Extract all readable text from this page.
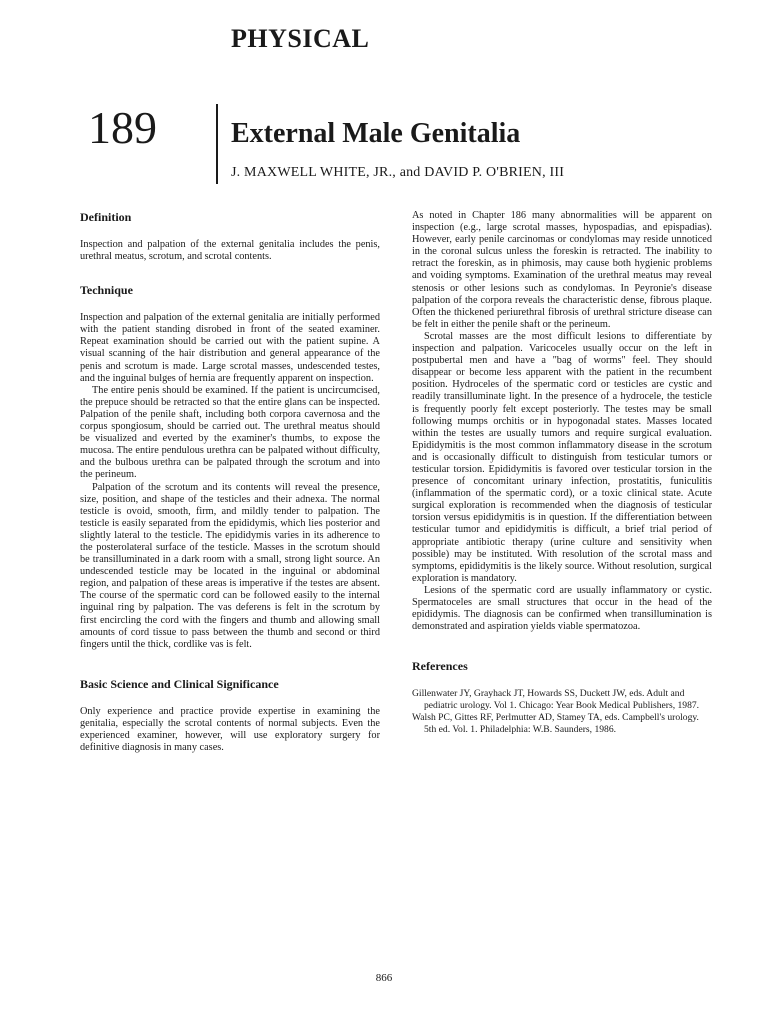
PHYSICAL
189	External Male Genitalia
J. MAXWELL WHITE, JR., and DAVID P. O'BRIEN, III
Definition

Inspection and palpation of the external genitalia includes the penis, urethral meatus, scrotum, and scrotal contents.

Technique

Inspection and palpation of the external genitalia are initially performed with the patient standing disrobed in front of the seated examiner. Repeat examination should be carried out with the patient supine. A visual scanning of the hair distribution and general appearance of the penis and scrotum is made. Large scrotal masses, undescended testes, and the inguinal bulges of hernia are frequently apparent on inspection.

The entire penis should be examined. If the patient is uncircumcised, the prepuce should be retracted so that the entire glans can be inspected. Palpation of the penile shaft, including both corpora cavernosa and the corpus spongiosum, should be carried out. The urethral meatus should be visualized and everted by the examiner's thumbs, to expose the mucosa. The entire pendulous urethra can be palpated without difficulty, and the bulbous urethra can be palpated through the scrotum and into the perineum.

Palpation of the scrotum and its contents will reveal the presence, size, position, and shape of the testicles and their adnexa. The normal testicle is ovoid, smooth, firm, and mildly tender to palpation. The testicle is easily separated from the epididymis, which lies posterior and slightly lateral to the testicle. The epididymis varies in its adherence to the posterolateral surface of the testicle. Masses in the scrotum should be transilluminated in a dark room with a small, strong light source. An undescended testicle may be located in the inguinal or abdominal region, and palpation of these areas is imperative if the testes are absent. The course of the spermatic cord can be followed easily to the internal inguinal ring by palpation. The vas deferens is felt in the scrotum by first encircling the cord with the fingers and thumb and allowing small amounts of cord tissue to pass between the thumb and second or third fingers until the thick, cordlike vas is felt.

Basic Science and Clinical Significance

Only experience and practice provide expertise in examining the genitalia, especially the scrotal contents of normal subjects. Even the experienced examiner, however, will use exploratory surgery for definitive diagnosis in many cases.

As noted in Chapter 186 many abnormalities will be apparent on inspection (e.g., large scrotal masses, hypospadias, and epispadias). However, early penile carcinomas or condylomas may reside unnoticed in the coronal sulcus unless the foreskin is retracted. The inability to retract the foreskin, as in phimosis, may cause both hygienic problems and voiding symptoms. Examination of the urethral meatus may reveal stenosis or other lesions such as condylomas. In Peyronie's disease palpation of the corpora reveals the characteristic dense, fibrous plaque. Often the thickened periurethral fibrosis of urethral stricture disease can be felt in either the penile shaft or the perineum.

Scrotal masses are the most difficult lesions to differentiate by inspection and palpation. Varicoceles usually occur on the left in postpubertal men and have a "bag of worms" feel. They should disappear or become less apparent with the patient in the recumbent position. Hydroceles of the spermatic cord or testicles are cystic and readily transilluminate light. In the presence of a hydrocele, the testicle is frequently poorly felt except posteriorly. The testes may be small following mumps orchitis or in hypogonadal states. Masses located within the testes are usually tumors and require surgical evaluation. Epididymitis is the most common inflammatory disease in the scrotum and is occasionally difficult to distinguish from testicular tumors or testicular torsion. Epididymitis is favored over testicular torsion in the presence of concomitant urinary infection, prostatitis, funiculitis (inflammation of the spermatic cord), or a toxic clinical state. Acute surgical exploration is recommended when the diagnosis of testicular torsion versus epididymitis is in question. If the differentiation between testicular tumor and epididymitis is difficult, a brief trial period of appropriate antibiotic therapy (urine culture and sensitivity when possible) may be instituted. With resolution of the scrotal mass and symptoms, epididymitis is the likely source. Without resolution, surgical exploration is mandatory.

Lesions of the spermatic cord are usually inflammatory or cystic. Spermatoceles are small structures that occur in the head of the epididymis. The diagnosis can be confirmed when transillumination is demonstrated and aspiration yields viable spermatozoa.

References
Gillenwater JY, Grayhack JT, Howards SS, Duckett JW, eds. Adult and pediatric urology. Vol 1. Chicago: Year Book Medical Publishers, 1987.
Walsh PC, Gittes RF, Perlmutter AD, Stamey TA, eds. Campbell's urology. 5th ed. Vol. 1. Philadelphia: W.B. Saunders, 1986.
866
